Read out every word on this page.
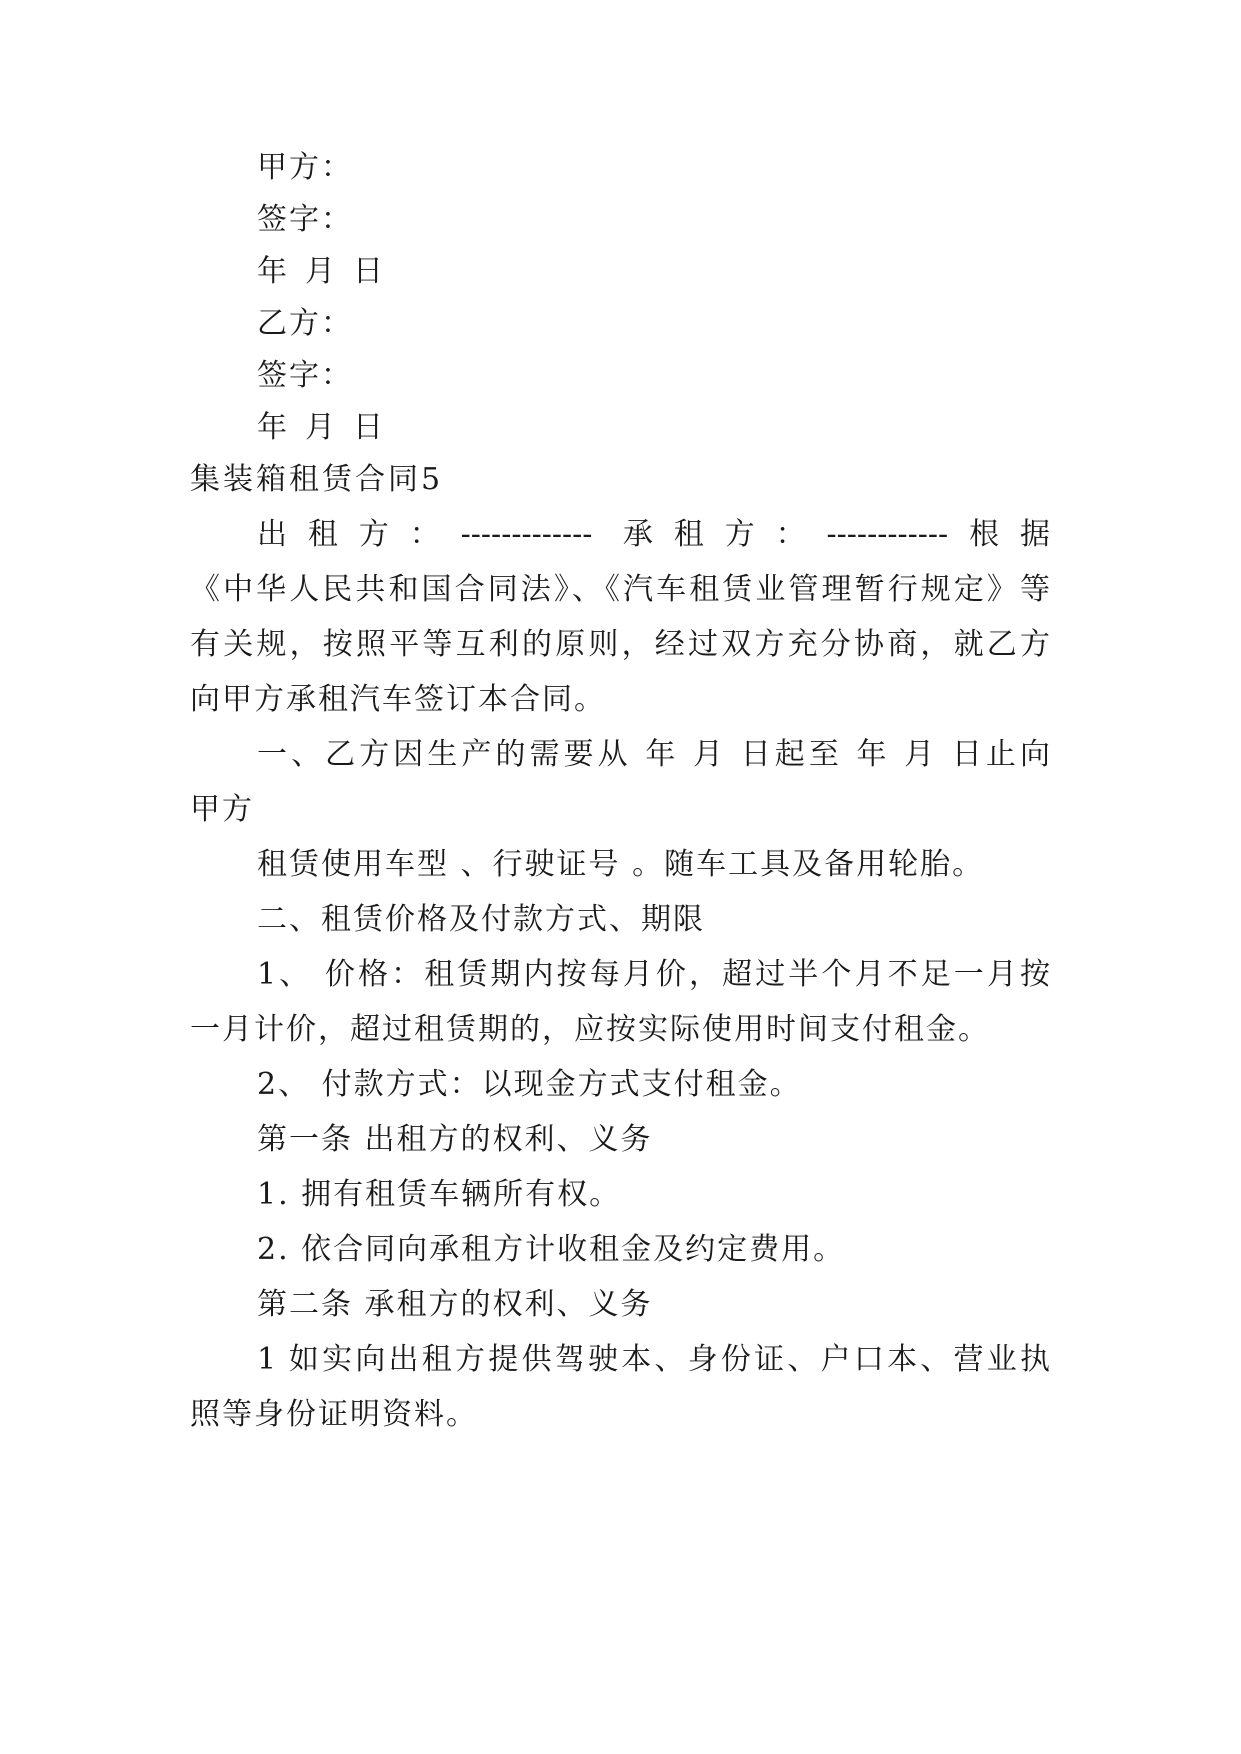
甲方：

签字：

年 月 日

乙方：

签字：

年 月 日

集装箱租赁合同5

出租方：------------- 承租方：------------根据

《中华人民共和国合同法》、《汽车租赁业管理暂行规定》等

有关规，按照平等互利的原则，经过双方充分协商，就乙方

向甲方承租汽车签订本合同。

一、乙方因生产的需要从 年 月 日起至 年 月 日止向

甲方

租赁使用车型 、行驶证号 。随车工具及备用轮胎。

二、租赁价格及付款方式、期限

1、 价格：租赁期内按每月价，超过半个月不足一月按

一月计价，超过租赁期的，应按实际使用时间支付租金。

2、 付款方式：以现金方式支付租金。

第一条 出租方的权利、义务

1. 拥有租赁车辆所有权。

2. 依合同向承租方计收租金及约定费用。

第二条 承租方的权利、义务

1 如实向出租方提供驾驶本、身份证、户口本、营业执

照等身份证明资料。
